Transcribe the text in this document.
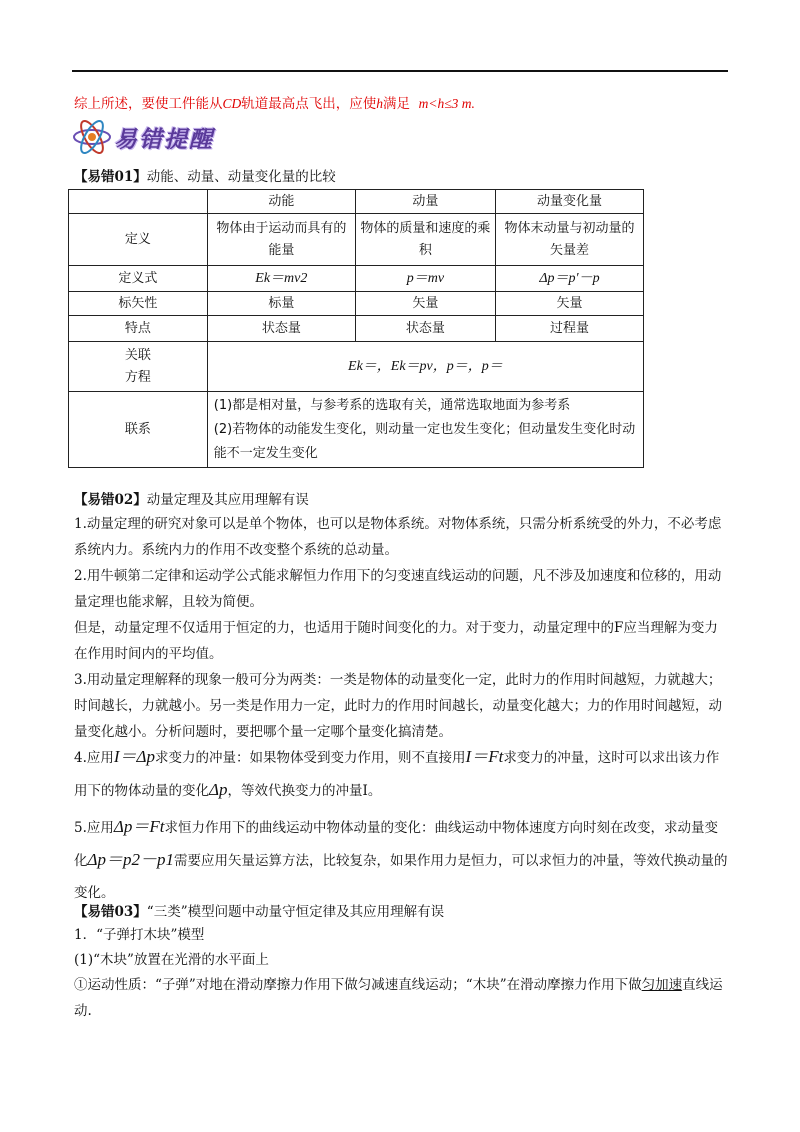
综上所述，要使工件能从CD轨道最高点飞出，应使h满足 m<h≤3 m.
易错提醒
【易错01】动能、动量、动量变化量的比较
	动能	动量	动量变化量
定义	物体由于运动而具有的能量	物体的质量和速度的乘积	物体末动量与初动量的矢量差
定义式	Ek＝mv2	p＝mv	Δp＝p′－p
标矢性	标量	矢量	矢量
特点	状态量	状态量	过程量
关联方程	Ek＝，Ek＝pv，p＝，p＝		
联系	(1)都是相对量，与参考系的选取有关，通常选取地面为参考系
(2)若物体的动能发生变化，则动量一定也发生变化；但动量发生变化时动能不一定发生变化		
【易错02】动量定理及其应用理解有误
1.动量定理的研究对象可以是单个物体，也可以是物体系统。对物体系统，只需分析系统受的外力，不必考虑系统内力。系统内力的作用不改变整个系统的总动量。
2.用牛顿第二定律和运动学公式能求解恒力作用下的匀变速直线运动的问题，凡不涉及加速度和位移的，用动量定理也能求解，且较为简便。
但是，动量定理不仅适用于恒定的力，也适用于随时间变化的力。对于变力，动量定理中的F应当理解为变力在作用时间内的平均值。
3.用动量定理解释的现象一般可分为两类：一类是物体的动量变化一定，此时力的作用时间越短，力就越大；时间越长，力就越小。另一类是作用力一定，此时力的作用时间越长，动量变化越大；力的作用时间越短，动量变化越小。分析问题时，要把哪个量一定哪个量变化搞清楚。
4.应用I＝Δp求变力的冲量：如果物体受到变力作用，则不直接用I＝Ft求变力的冲量，这时可以求出该力作用下的物体动量的变化Δp，等效代换变力的冲量I。
5.应用Δp＝Ft求恒力作用下的曲线运动中物体动量的变化：曲线运动中物体速度方向时刻在改变，求动量变化Δp＝p2－p1需要应用矢量运算方法，比较复杂，如果作用力是恒力，可以求恒力的冲量，等效代换动量的变化。
【易错03】“三类”模型问题中动量守恒定律及其应用理解有误
1．“子弹打木块”模型
(1)“木块”放置在光滑的水平面上
①运动性质：“子弹”对地在滑动摩擦力作用下做匀减速直线运动；“木块”在滑动摩擦力作用下做匀加速直线运动.
